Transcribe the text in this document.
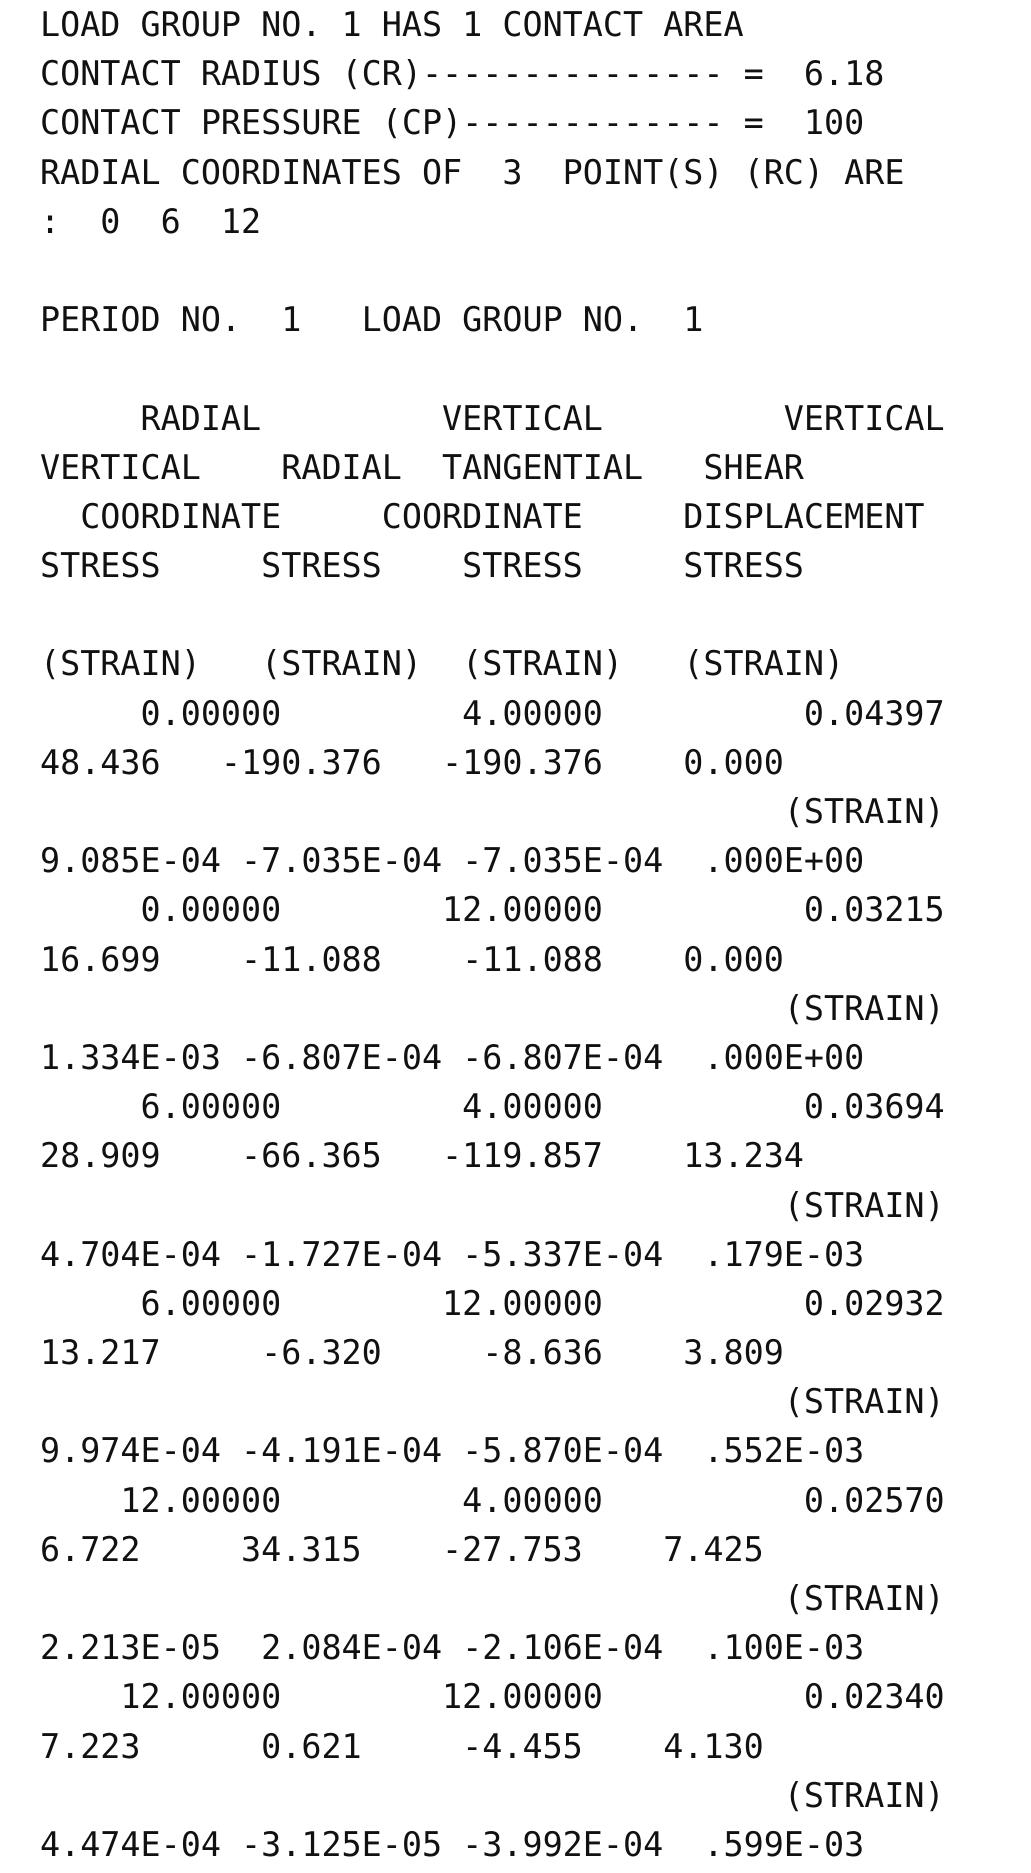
LOAD GROUP NO. 1 HAS 1 CONTACT AREA
CONTACT RADIUS (CR)--------------- =  6.18
CONTACT PRESSURE (CP)------------- =  100
RADIAL COORDINATES OF  3  POINT(S) (RC) ARE
:  0  6  12
PERIOD NO.  1   LOAD GROUP NO.  1
RADIAL         VERTICAL         VERTICAL
VERTICAL    RADIAL  TANGENTIAL   SHEAR
COORDINATE     COORDINATE     DISPLACEMENT
STRESS     STRESS    STRESS     STRESS
(STRAIN)   (STRAIN)  (STRAIN)   (STRAIN)
0.00000         4.00000          0.04397
48.436   -190.376   -190.376    0.000
(STRAIN)
9.085E-04 -7.035E-04 -7.035E-04  .000E+00
0.00000        12.00000          0.03215
16.699    -11.088    -11.088    0.000
(STRAIN)
1.334E-03 -6.807E-04 -6.807E-04  .000E+00
6.00000         4.00000          0.03694
28.909    -66.365   -119.857    13.234
(STRAIN)
4.704E-04 -1.727E-04 -5.337E-04  .179E-03
6.00000        12.00000          0.02932
13.217     -6.320     -8.636    3.809
(STRAIN)
9.974E-04 -4.191E-04 -5.870E-04  .552E-03
12.00000         4.00000          0.02570
6.722     34.315    -27.753    7.425
(STRAIN)
2.213E-05  2.084E-04 -2.106E-04  .100E-03
12.00000        12.00000          0.02340
7.223      0.621     -4.455    4.130
(STRAIN)
4.474E-04 -3.125E-05 -3.992E-04  .599E-03
